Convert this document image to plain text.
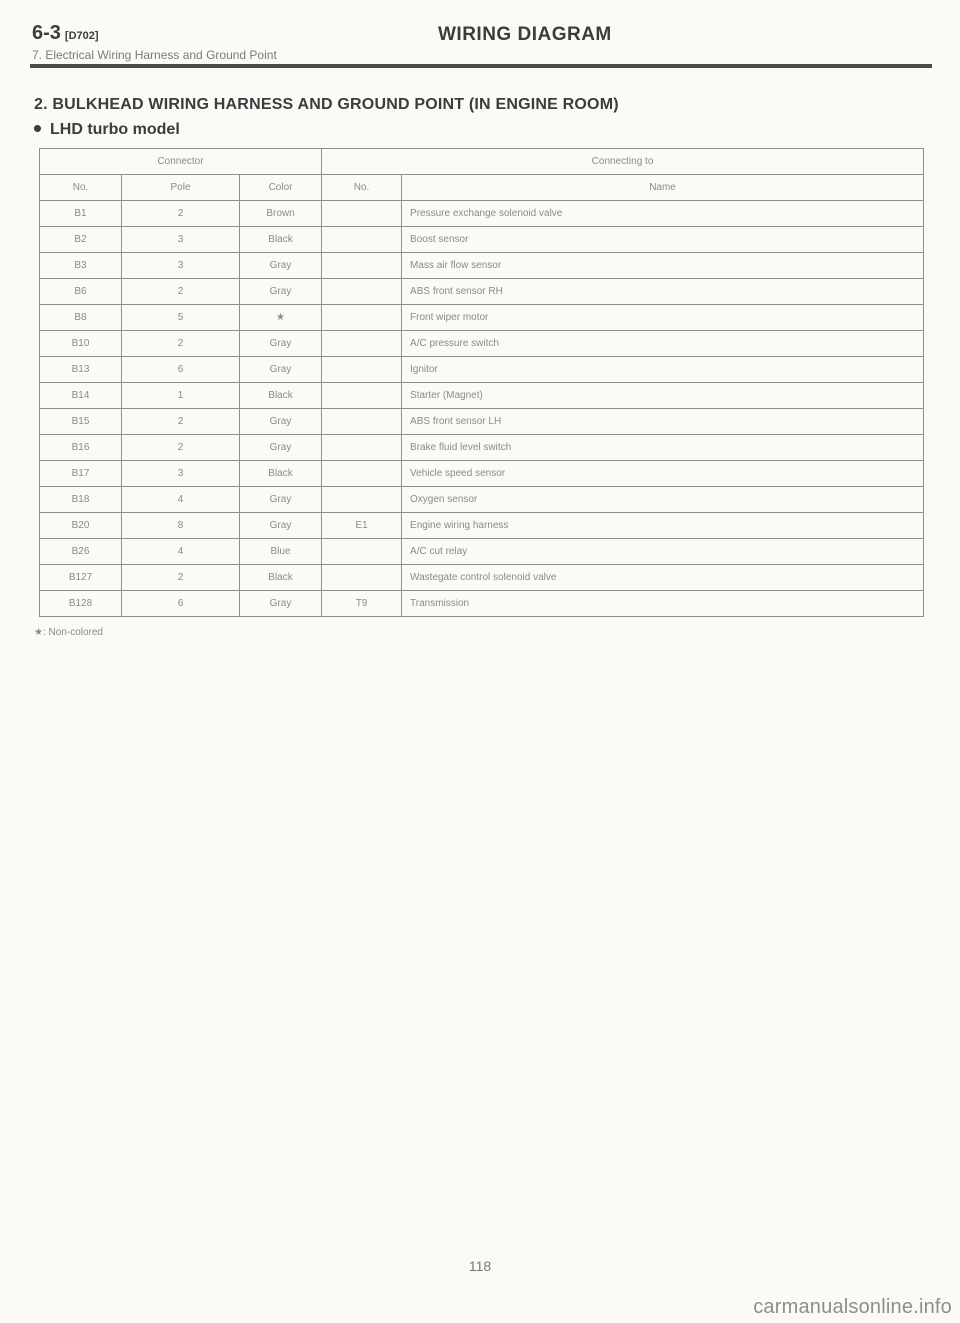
6-3 [D702]	WIRING DIAGRAM
7. Electrical Wiring Harness and Ground Point
2. BULKHEAD WIRING HARNESS AND GROUND POINT (IN ENGINE ROOM)
LHD turbo model
Connector			Connecting to	
No.	Pole	Color	No.	Name
B1	2	Brown		Pressure exchange solenoid valve
B2	3	Black		Boost sensor
B3	3	Gray		Mass air flow sensor
B6	2	Gray		ABS front sensor RH
B8	5	★		Front wiper motor
B10	2	Gray		A/C pressure switch
B13	6	Gray		Ignitor
B14	1	Black		Starter (Magnet)
B15	2	Gray		ABS front sensor LH
B16	2	Gray		Brake fluid level switch
B17	3	Black		Vehicle speed sensor
B18	4	Gray		Oxygen sensor
B20	8	Gray	E1	Engine wiring harness
B26	4	Blue		A/C cut relay
B127	2	Black		Wastegate control solenoid valve
B128	6	Gray	T9	Transmission
★: Non-colored
118
carmanualsonline.info
